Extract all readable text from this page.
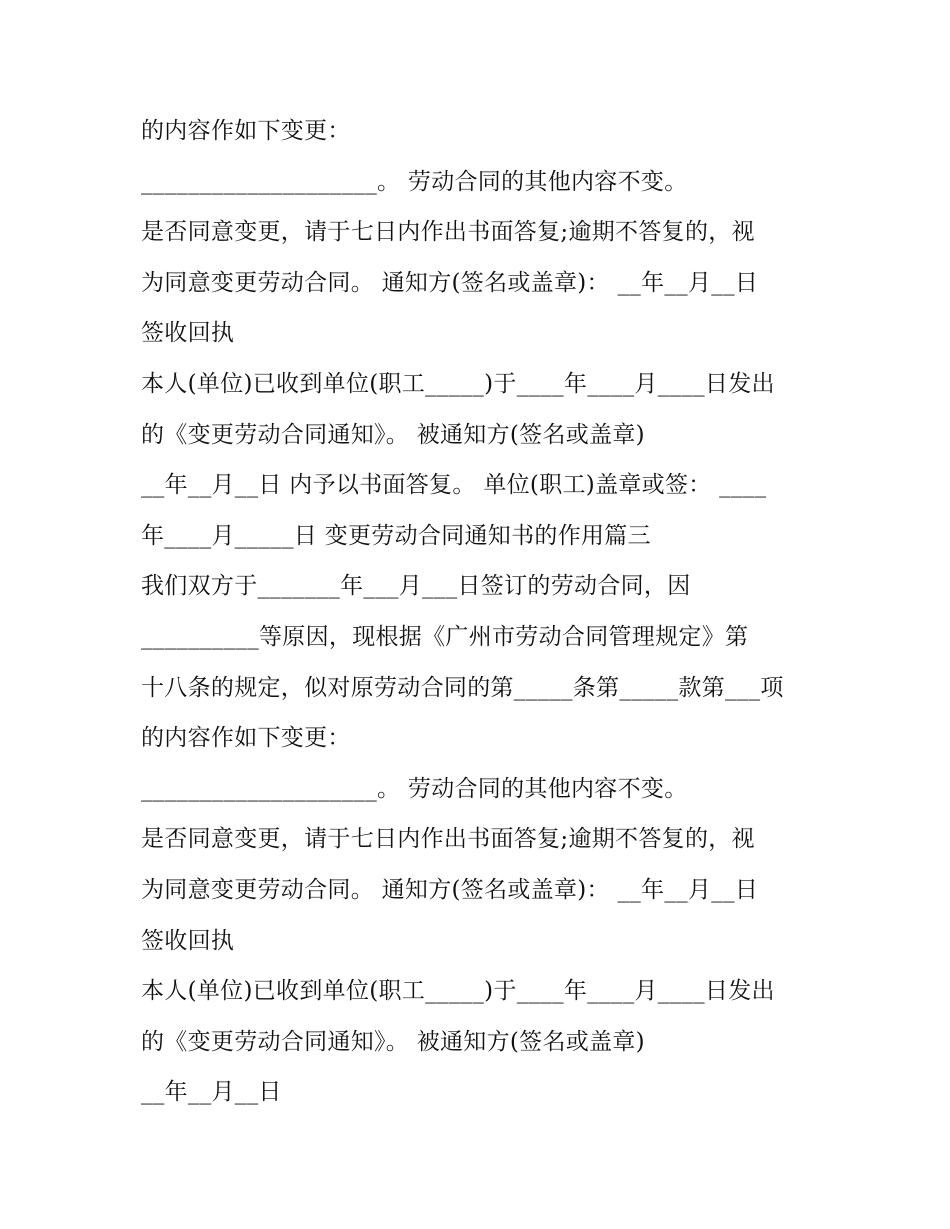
的内容作如下变更：
____________________。 劳动合同的其他内容不变。
是否同意变更，请于七日内作出书面答复;逾期不答复的，视
为同意变更劳动合同。 通知方(签名或盖章)： __年__月__日
签收回执
本人(单位)已收到单位(职工_____)于____年____月____日发出
的《变更劳动合同通知》。 被通知方(签名或盖章)
__年__月__日 内予以书面答复。 单位(职工)盖章或签： ____
年____月_____日 变更劳动合同通知书的作用篇三
我们双方于_______年___月___日签订的劳动合同，因
__________等原因，现根据《广州市劳动合同管理规定》第
十八条的规定，似对原劳动合同的第_____条第_____款第___项
的内容作如下变更：
____________________。 劳动合同的其他内容不变。
是否同意变更，请于七日内作出书面答复;逾期不答复的，视
为同意变更劳动合同。 通知方(签名或盖章)： __年__月__日
签收回执
本人(单位)已收到单位(职工_____)于____年____月____日发出
的《变更劳动合同通知》。 被通知方(签名或盖章)
__年__月__日
